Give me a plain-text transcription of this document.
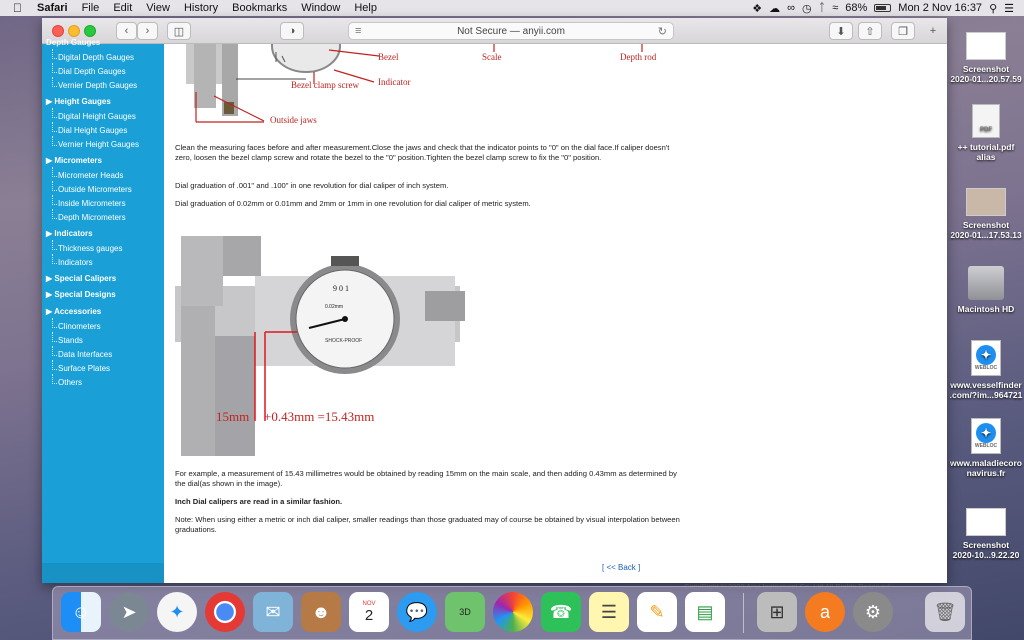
Safari	File	Edit	View	History	Bookmarks	Window	Help	❖ ☁ ∞ ◷ ᛏ ≈ 68%	Mon 2 Nov 16:37 ⚲ ☰
Screenshot
2020-01...20.57.59
PDF
++ tutorial.pdf
alias
Screenshot
2020-01...17.53.13
Macintosh HD
✦
WEBLOC
www.vesselfinder
.com/?im...964721
✦
WEBLOC
www.maladiecoro
navirus.fr
Screenshot
2020-10...9.22.20
‹ › ◫	◑	≡	Not Secure — anyii.com	↻	⬇ ⇧ ❐ +
Depth Gauges
Digital Depth Gauges
Dial Depth Gauges
Vernier Depth Gauges
▶ Height Gauges
Digital Height Gauges
Dial Height Gauges
Vernier Height Gauges
▶ Micrometers
Micrometer Heads
Outside Micrometers
Inside Micrometers
Depth Micrometers
▶ Indicators
Thickness gauges
Indicators
▶ Special Calipers
▶ Special Designs
▶ Accessories
Clinometers
Stands
Data Interfaces
Surface Plates
Others
Bezel	Scale	Depth rod
Indicator
Bezel clamp screw
Outside jaws
Clean the measuring faces before and after measurement.Close the jaws and check that the indicator points to "0" on the dial face.If caliper doesn't zero, loosen the bezel clamp screw and rotate the bezel to the "0" position.Tighten the bezel clamp screw to fix the "0" position.
Dial graduation of .001" and .100" in one revolution for dial caliper of inch system.
Dial graduation of 0.02mm or 0.01mm and 2mm or 1mm in one revolution for dial caliper of metric system.
9 0 1
0.02mm
SHOCK-PROOF
15mm +0.43mm =15.43mm
For example, a measurement of 15.43 millimetres would be obtained by reading 15mm on the main scale, and then adding 0.43mm as determined by the dial(as shown in the image).
Inch Dial calipers are read in a similar fashion.
Note: When using either a metric or inch dial caliper, smaller readings than those graduated may of course be obtained by visual interpolation between graduations.
[ << Back ]
☺	➤	✦	✉	☻	NOV
2	💬	3D	☎	☰	✎	▤	⊞	a	⚙	🗑
